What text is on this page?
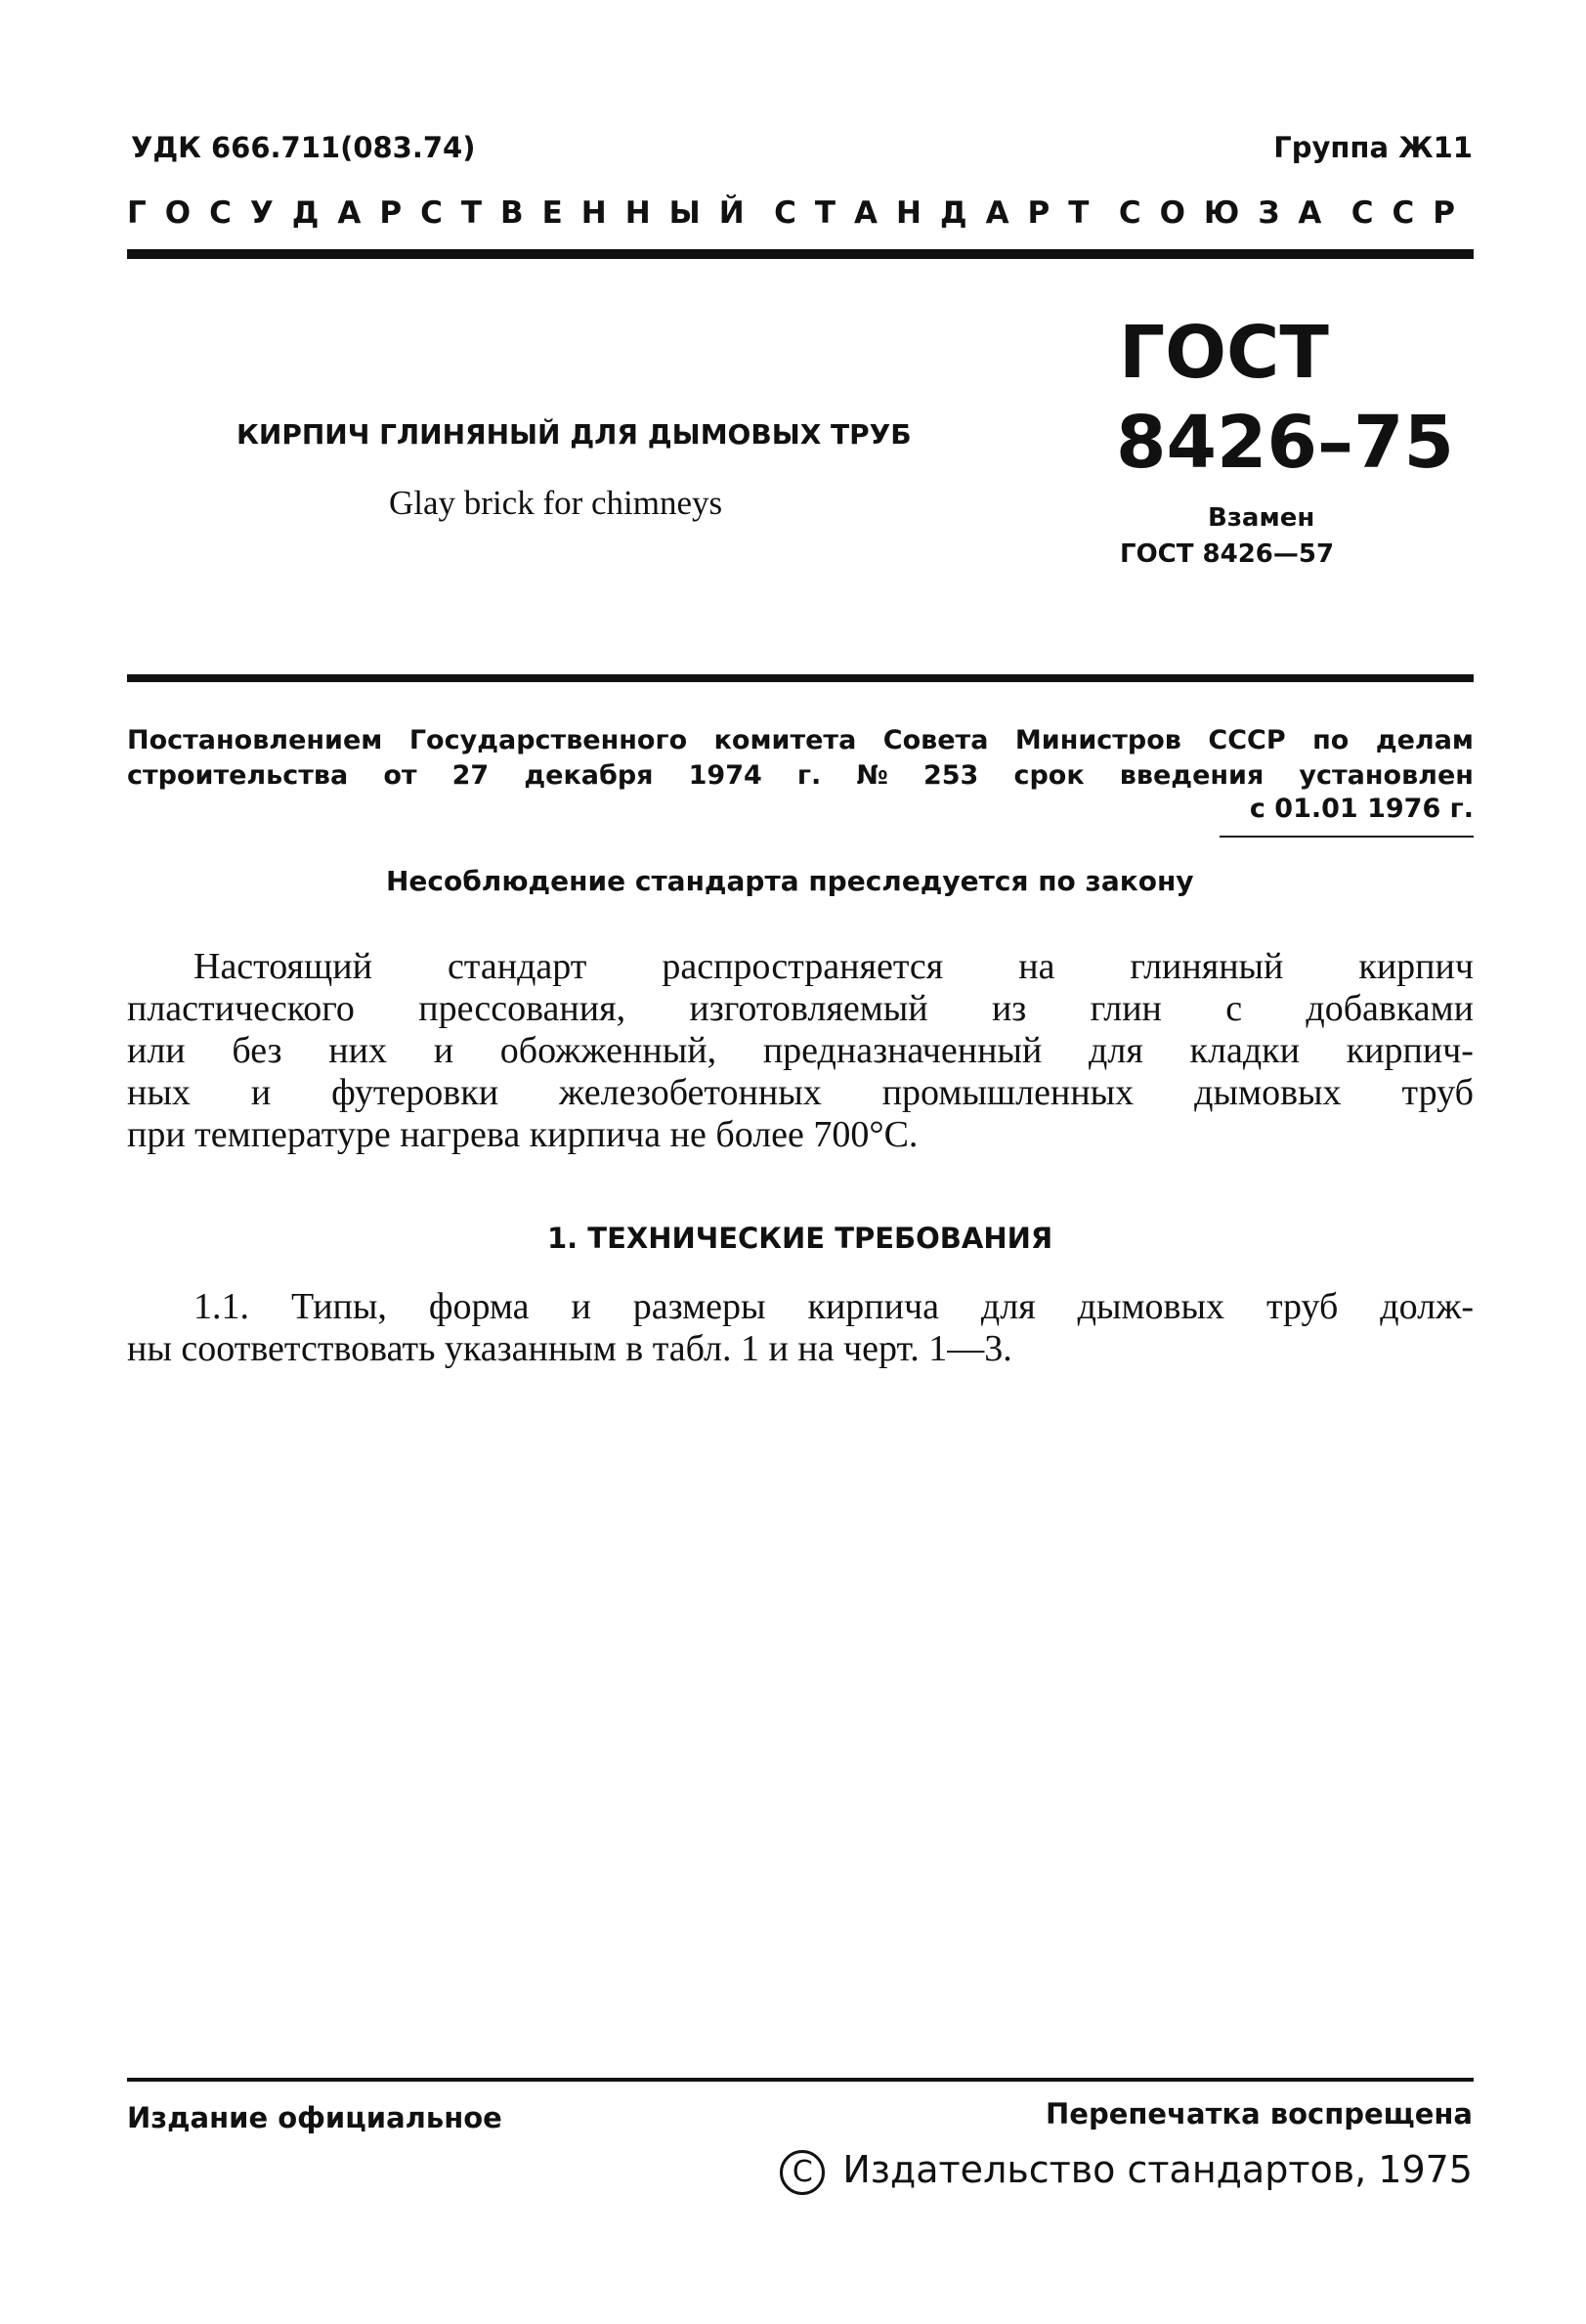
УДК 666.711(083.74)	Группа Ж11
ГОСУДАРСТВЕННЫЙ СТАНДАРТ СОЮЗА ССР
ГОСТ
8426–75
КИРПИЧ ГЛИНЯНЫЙ ДЛЯ ДЫМОВЫХ ТРУБ
Glay brick for chimneys	Взамен
ГОСТ 8426—57
Постановлением Государственного комитета Совета Министров СССР по делам
строительства от 27 декабря 1974 г. № 253 срок введения установлен
с 01.01 1976 г.
Несоблюдение стандарта преследуется по закону
Настоящий стандарт распространяется на глиняный кирпич
пластического прессования, изготовляемый из глин с добавками
или без них и обожженный, предназначенный для кладки кирпич-
ных и футеровки железобетонных промышленных дымовых труб
при температуре нагрева кирпича не более 700°С.
1. ТЕХНИЧЕСКИЕ ТРЕБОВАНИЯ
1.1. Типы, форма и размеры кирпича для дымовых труб долж-
ны соответствовать указанным в табл. 1 и на черт. 1—3.
Издание официальное	Перепечатка воспрещена
C Издательство стандартов, 1975
